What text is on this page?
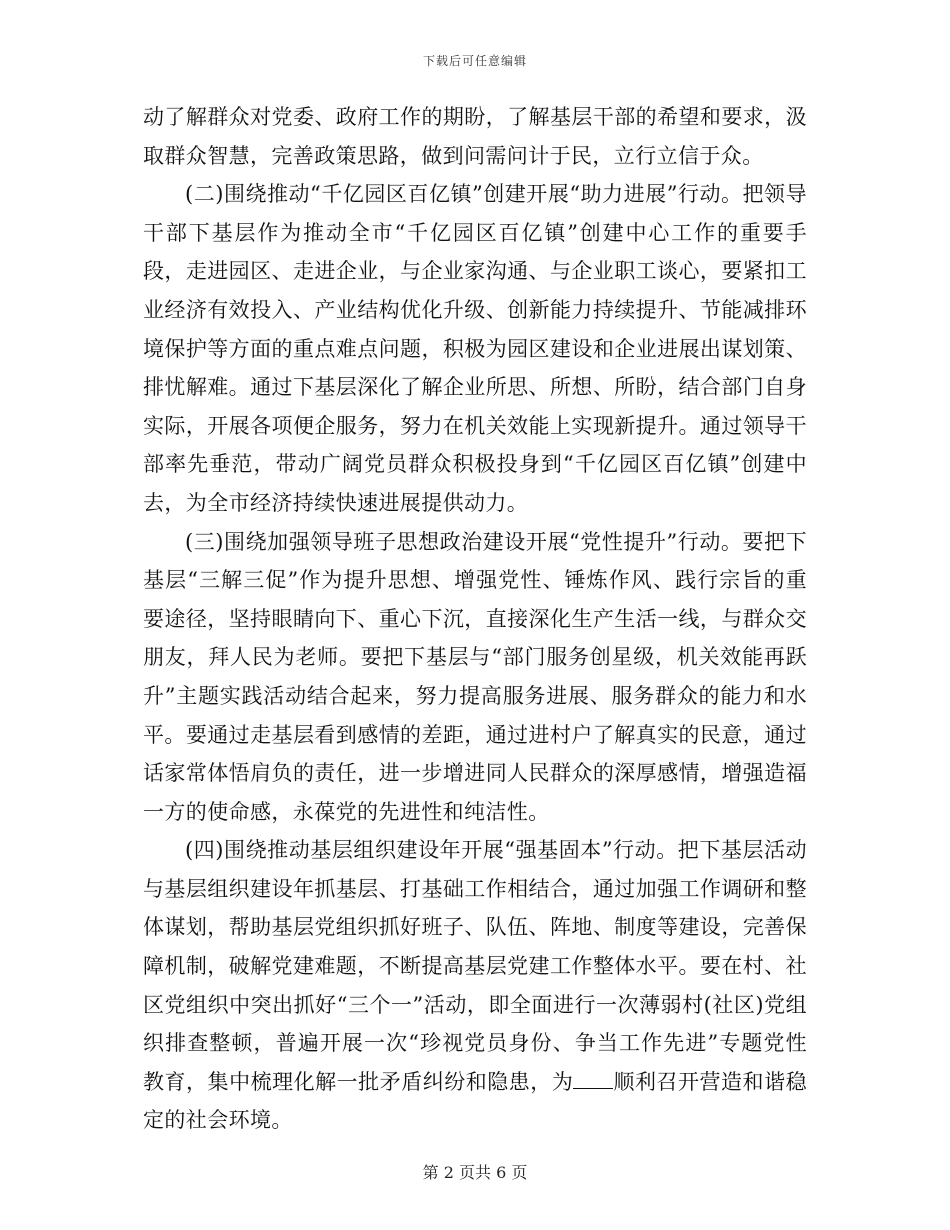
下载后可任意编辑

动了解群众对党委、政府工作的期盼，了解基层干部的希望和要求，汲取群众智慧，完善政策思路，做到问需问计于民，立行立信于众。

(二)围绕推动“千亿园区百亿镇”创建开展“助力进展”行动。把领导干部下基层作为推动全市“千亿园区百亿镇”创建中心工作的重要手段，走进园区、走进企业，与企业家沟通、与企业职工谈心，要紧扣工业经济有效投入、产业结构优化升级、创新能力持续提升、节能减排环境保护等方面的重点难点问题，积极为园区建设和企业进展出谋划策、排忧解难。通过下基层深化了解企业所思、所想、所盼，结合部门自身实际，开展各项便企服务，努力在机关效能上实现新提升。通过领导干部率先垂范，带动广阔党员群众积极投身到“千亿园区百亿镇”创建中去，为全市经济持续快速进展提供动力。

(三)围绕加强领导班子思想政治建设开展“党性提升”行动。要把下基层“三解三促”作为提升思想、增强党性、锤炼作风、践行宗旨的重要途径，坚持眼睛向下、重心下沉，直接深化生产生活一线，与群众交朋友，拜人民为老师。要把下基层与“部门服务创星级，机关效能再跃升”主题实践活动结合起来，努力提高服务进展、服务群众的能力和水平。要通过走基层看到感情的差距，通过进村户了解真实的民意，通过话家常体悟肩负的责任，进一步增进同人民群众的深厚感情，增强造福一方的使命感，永葆党的先进性和纯洁性。

(四)围绕推动基层组织建设年开展“强基固本”行动。把下基层活动与基层组织建设年抓基层、打基础工作相结合，通过加强工作调研和整体谋划，帮助基层党组织抓好班子、队伍、阵地、制度等建设，完善保障机制，破解党建难题，不断提高基层党建工作整体水平。要在村、社区党组织中突出抓好“三个一”活动，即全面进行一次薄弱村(社区)党组织排查整顿，普遍开展一次“珍视党员身份、争当工作先进”专题党性教育，集中梳理化解一批矛盾纠纷和隐患，为 顺利召开营造和谐稳定的社会环境。

第 2 页共 6 页
